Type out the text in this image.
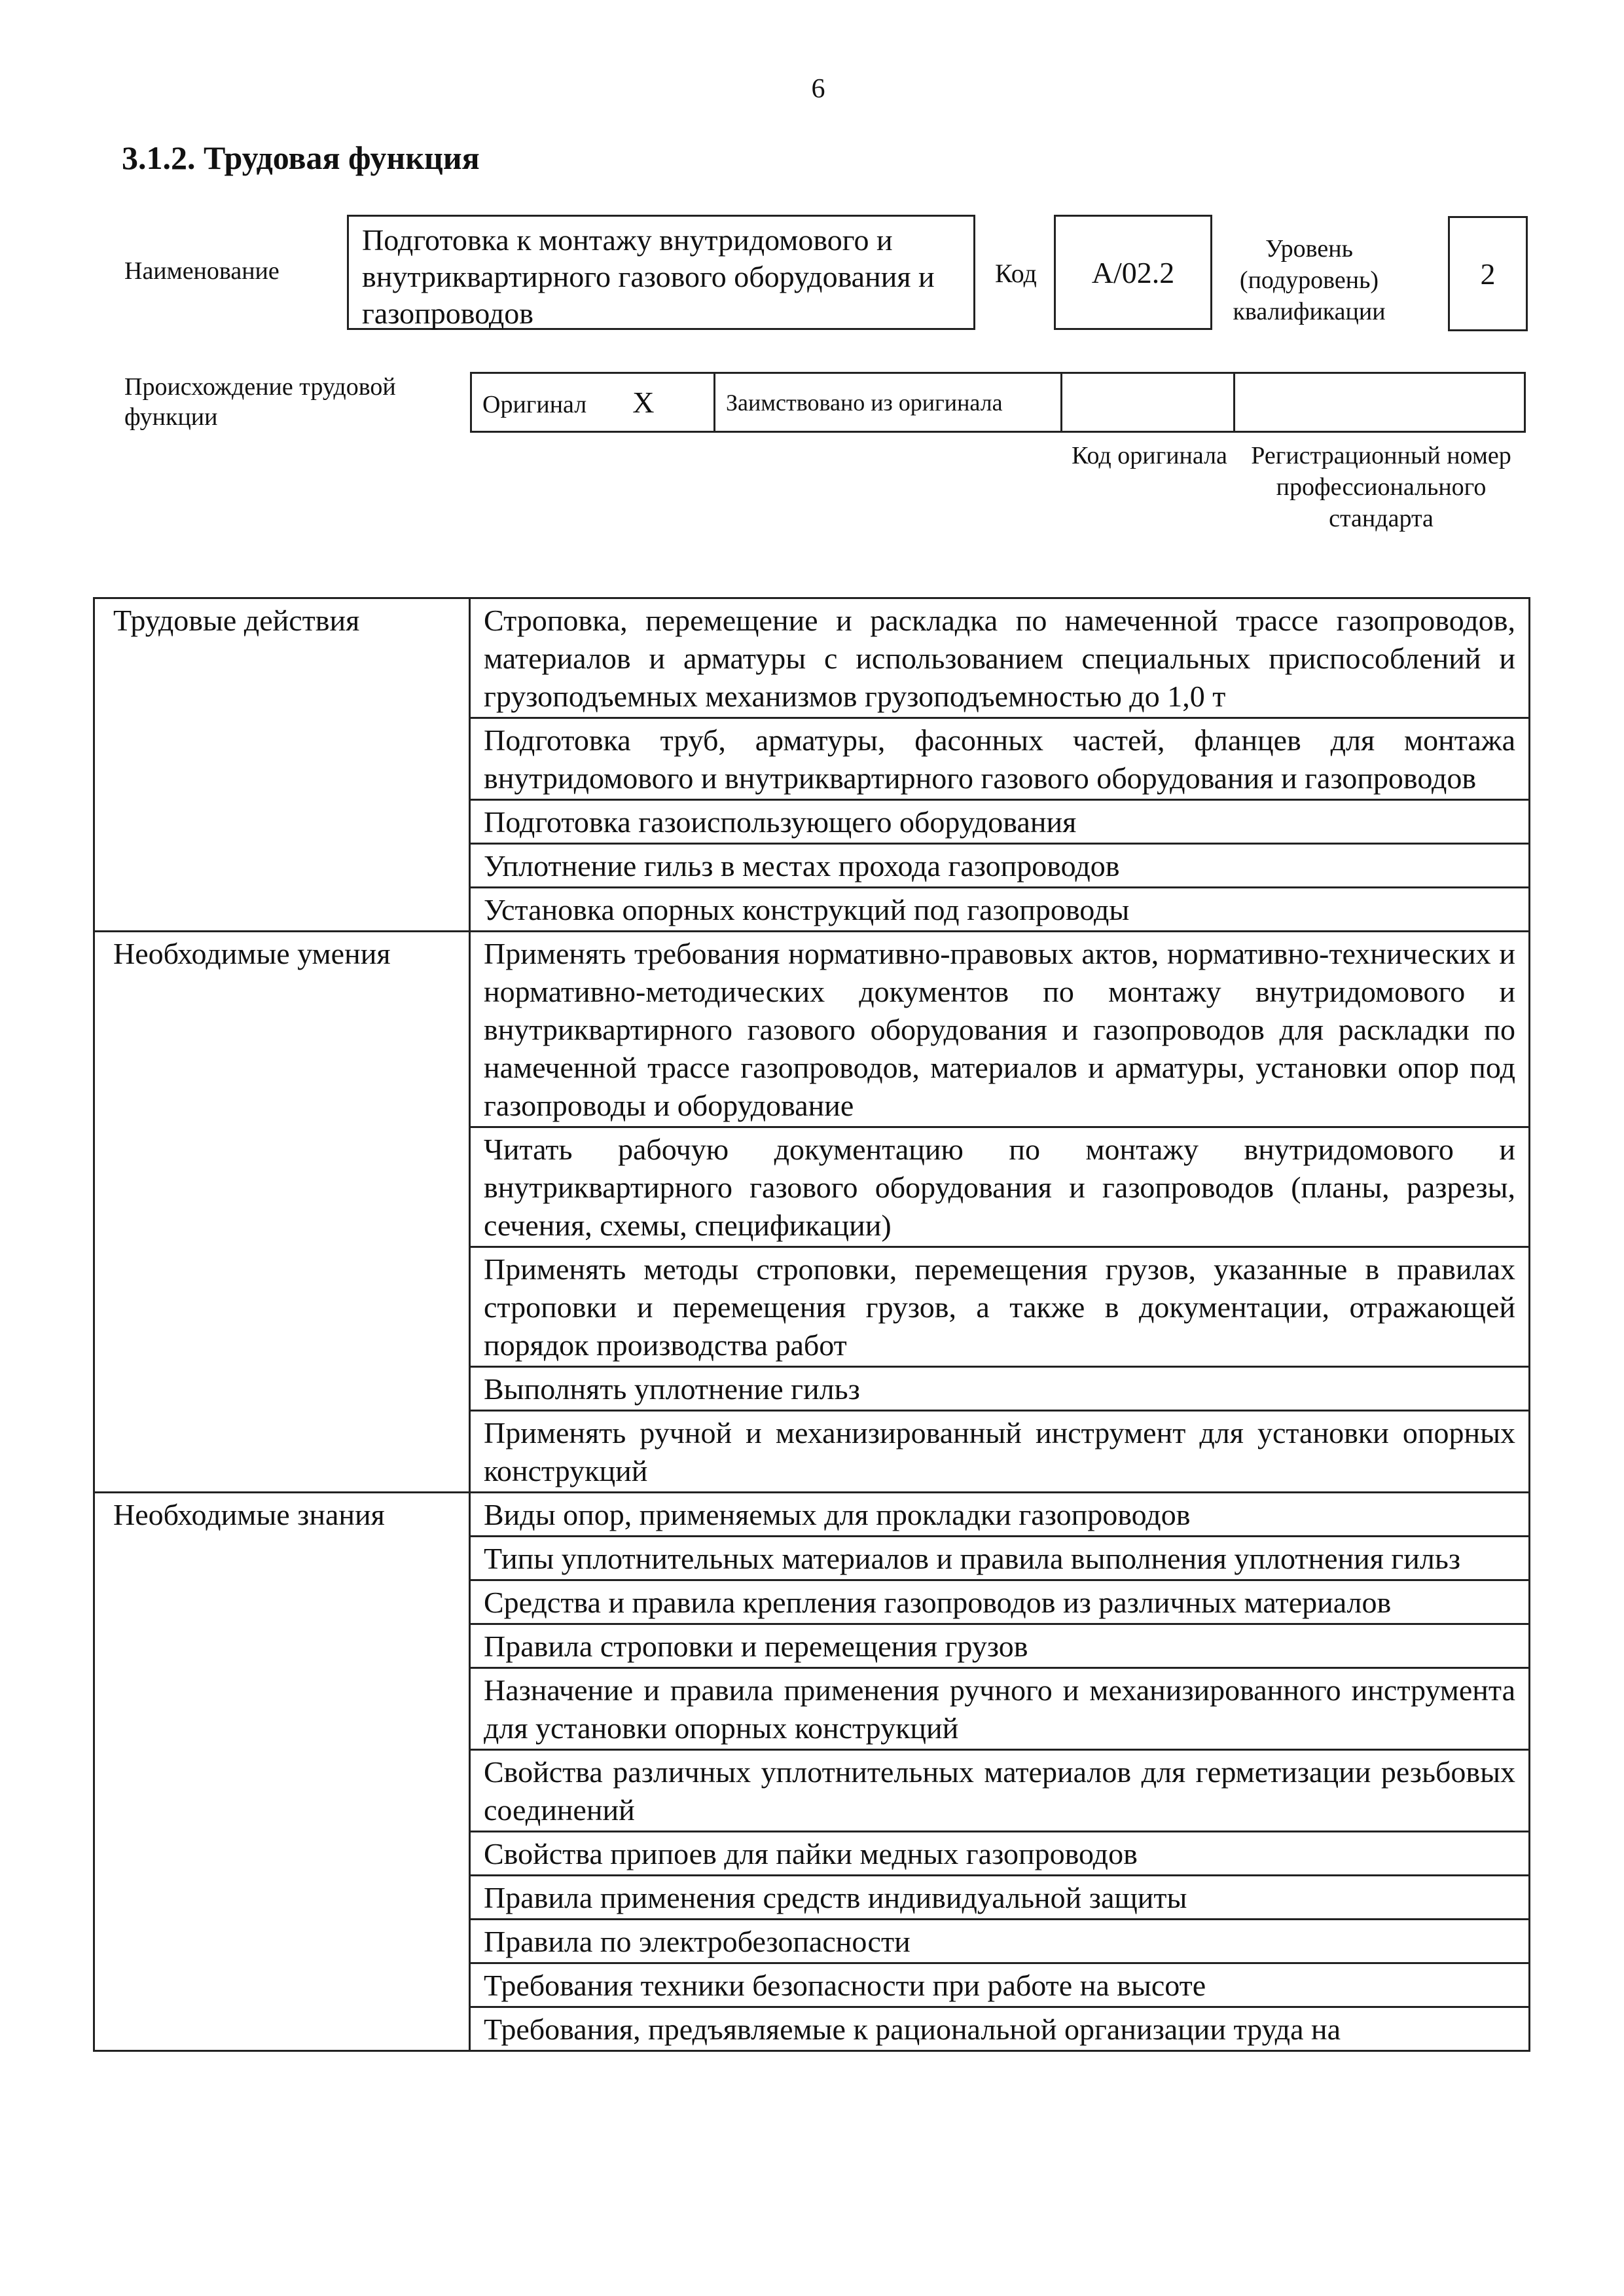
6
3.1.2. Трудовая функция
Наименование
Подготовка к монтажу внутридомового и внутриквартирного газового оборудования и газопроводов
Код	A/02.2
Уровень (подуровень) квалификации
2
Происхождение трудовой функции	Оригинал X	Заимствовано из оригинала		
Код оригинала Регистрационный номер профессионального стандарта
Трудовые действия	Строповка, перемещение и раскладка по намеченной трассе газопроводов, материалов и арматуры с использованием специальных приспособлений и грузоподъемных механизмов грузоподъемностью до 1,0 т
	Подготовка труб, арматуры, фасонных частей, фланцев для монтажа внутридомового и внутриквартирного газового оборудования и газопроводов
	Подготовка газоиспользующего оборудования
	Уплотнение гильз в местах прохода газопроводов
	Установка опорных конструкций под газопроводы
Необходимые умения	Применять требования нормативно-правовых актов, нормативно-технических и нормативно-методических документов по монтажу внутридомового и внутриквартирного газового оборудования и газопроводов для раскладки по намеченной трассе газопроводов, материалов и арматуры, установки опор под газопроводы и оборудование
	Читать рабочую документацию по монтажу внутридомового и внутриквартирного газового оборудования и газопроводов (планы, разрезы, сечения, схемы, спецификации)
	Применять методы строповки, перемещения грузов, указанные в правилах строповки и перемещения грузов, а также в документации, отражающей порядок производства работ
	Выполнять уплотнение гильз
	Применять ручной и механизированный инструмент для установки опорных конструкций
Необходимые знания	Виды опор, применяемых для прокладки газопроводов
	Типы уплотнительных материалов и правила выполнения уплотнения гильз
	Средства и правила крепления газопроводов из различных материалов
	Правила строповки и перемещения грузов
	Назначение и правила применения ручного и механизированного инструмента для установки опорных конструкций
	Свойства различных уплотнительных материалов для герметизации резьбовых соединений
	Свойства припоев для пайки медных газопроводов
	Правила применения средств индивидуальной защиты
	Правила по электробезопасности
	Требования техники безопасности при работе на высоте
	Требования, предъявляемые к рациональной организации труда на
